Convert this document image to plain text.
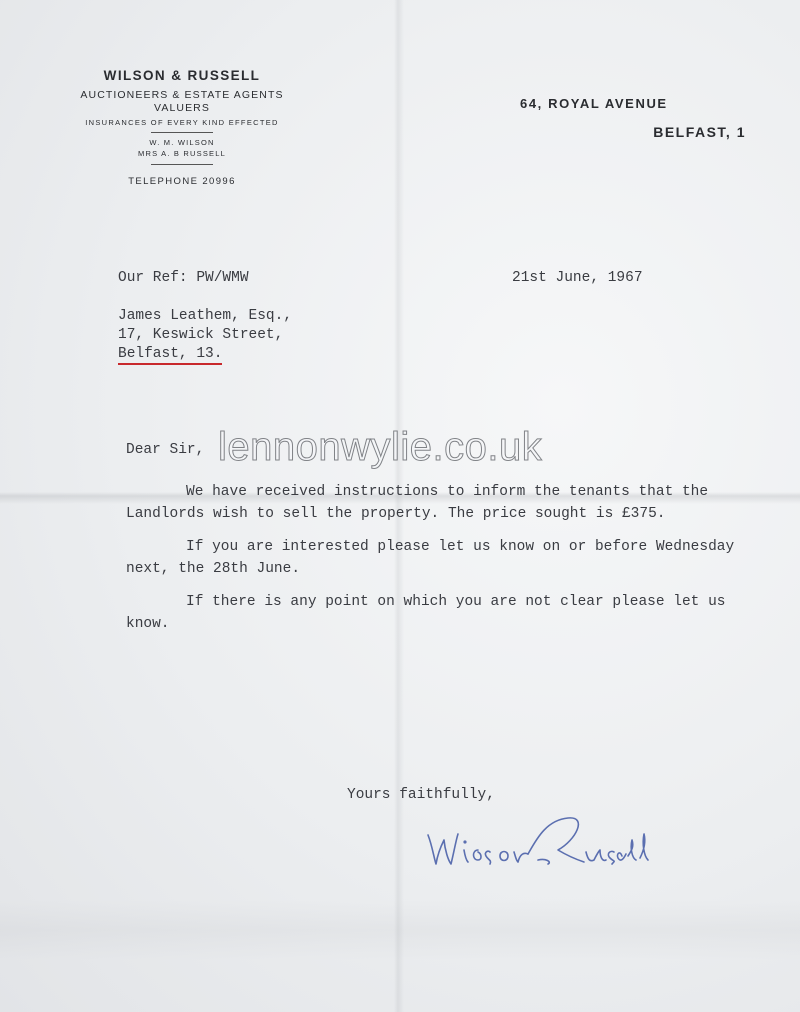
WILSON & RUSSELL
AUCTIONEERS & ESTATE AGENTS
VALUERS
INSURANCES OF EVERY KIND EFFECTED
W. M. WILSON
MRS A. B RUSSELL
TELEPHONE 20996
64, ROYAL AVENUE
BELFAST, 1
Our Ref: PW/WMW	21st June, 1967
James Leathem, Esq.,
17, Keswick Street,
Belfast, 13.
lennonwylie.co.uk
Dear Sir,

We have received instructions to inform the tenants that the Landlords wish to sell the property. The price sought is £375.

If you are interested please let us know on or before Wednesday next, the 28th June.

If there is any point on which you are not clear please let us know.

Yours faithfully,
